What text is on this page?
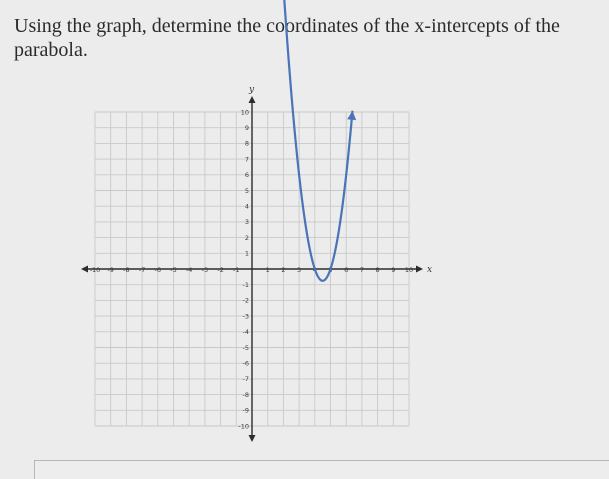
Using the graph, determine the coordinates of the x-intercepts of the parabola.
-10 -9 -8 -7 -6 -5 -4 -3 -2 -1	1 2 3 4 5 6 7 8 9 10
10
9
8
7
6
5
4
3
2
1
-1
-2
-3
-4
-5
-6
-7
-8
-9
-10
x
y
